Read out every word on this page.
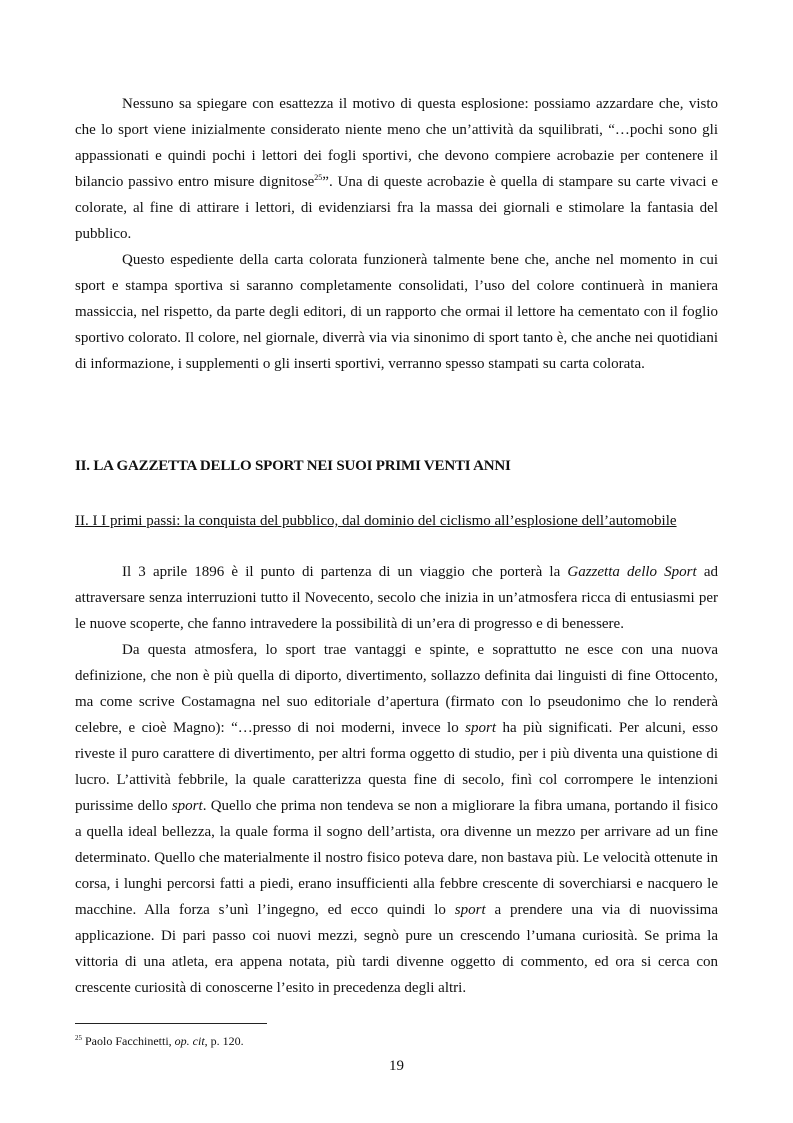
Nessuno sa spiegare con esattezza il motivo di questa esplosione: possiamo azzardare che, visto che lo sport viene inizialmente considerato niente meno che un’attività da squilibrati, “…pochi sono gli appassionati e quindi pochi i lettori dei fogli sportivi, che devono compiere acrobazie per contenere il bilancio passivo entro misure dignitose$^{25}$”. Una di queste acrobazie è quella di stampare su carte vivaci e colorate, al fine di attirare i lettori, di evidenziarsi fra la massa dei giornali e stimolare la fantasia del pubblico.

Questo espediente della carta colorata funzionerà talmente bene che, anche nel momento in cui sport e stampa sportiva si saranno completamente consolidati, l’uso del colore continuerà in maniera massiccia, nel rispetto, da parte degli editori, di un rapporto che ormai il lettore ha cementato con il foglio sportivo colorato. Il colore, nel giornale, diverrà via via sinonimo di sport tanto è, che anche nei quotidiani di informazione, i supplementi o gli inserti sportivi, verranno spesso stampati su carta colorata.

II. LA GAZZETTA DELLO SPORT NEI SUOI PRIMI VENTI ANNI
II. I I primi passi: la conquista del pubblico, dal dominio del ciclismo all’esplosione dell’automobile

Il 3 aprile 1896 è il punto di partenza di un viaggio che porterà la Gazzetta dello Sport ad attraversare senza interruzioni tutto il Novecento, secolo che inizia in un’atmosfera ricca di entusiasmi per le nuove scoperte, che fanno intravedere la possibilità di un’era di progresso e di benessere.

Da questa atmosfera, lo sport trae vantaggi e spinte, e soprattutto ne esce con una nuova definizione, che non è più quella di diporto, divertimento, sollazzo definita dai linguisti di fine Ottocento, ma come scrive Costamagna nel suo editoriale d’apertura (firmato con lo pseudonimo che lo renderà celebre, e cioè Magno): “…presso di noi moderni, invece lo sport ha più significati. Per alcuni, esso riveste il puro carattere di divertimento, per altri forma oggetto di studio, per i più diventa una quistione di lucro. L’attività febbrile, la quale caratterizza questa fine di secolo, finì col corrompere le intenzioni purissime dello sport. Quello che prima non tendeva se non a migliorare la fibra umana, portando il fisico a quella ideal bellezza, la quale forma il sogno dell’artista, ora divenne un mezzo per arrivare ad un fine determinato. Quello che materialmente il nostro fisico poteva dare, non bastava più. Le velocità ottenute in corsa, i lunghi percorsi fatti a piedi, erano insufficienti alla febbre crescente di soverchiarsi e nacquero le macchine. Alla forza s’unì l’ingegno, ed ecco quindi lo sport a prendere una via di nuovissima applicazione. Di pari passo coi nuovi mezzi, segnò pure un crescendo l’umana curiosità. Se prima la vittoria di una atleta, era appena notata, più tardi divenne oggetto di commento, ed ora si cerca con crescente curiosità di conoscerne l’esito in precedenza degli altri.

$^{25}$ Paolo Facchinetti, op. cit, p. 120.
19
